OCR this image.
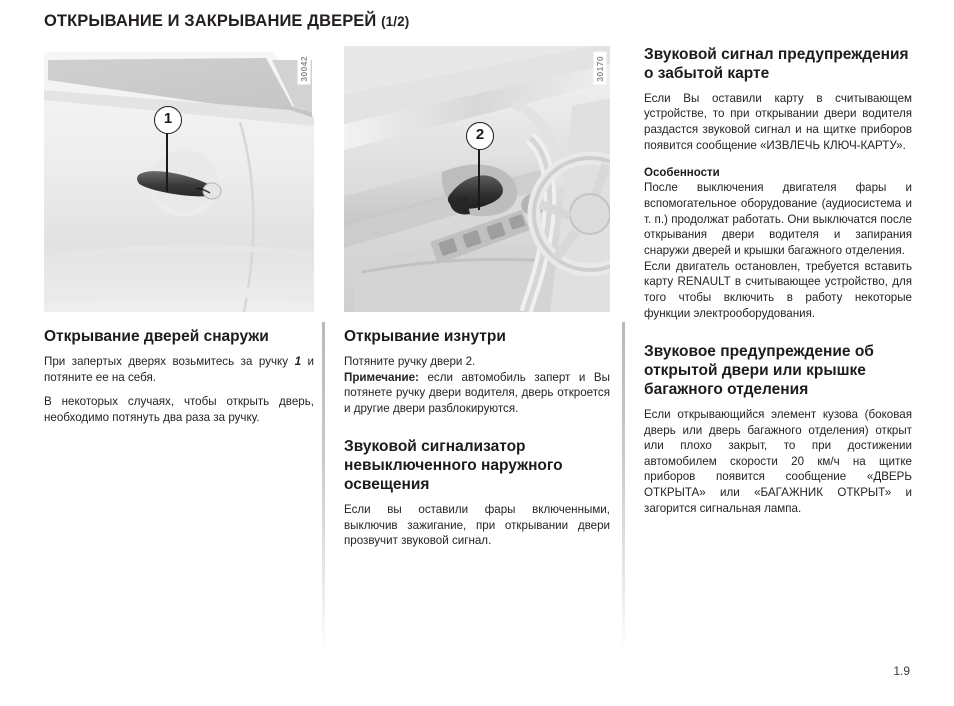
ОТКРЫВАНИЕ И ЗАКРЫВАНИЕ ДВЕРЕЙ (1/2)
1
30042
Открывание дверей снаружи

При запертых дверях возьмитесь за ручку 1 и потяните ее на себя.

В некоторых случаях, чтобы открыть дверь, необходимо потянуть два раза за ручку.

2
30170
Открывание изнутри

Потяните ручку двери 2.

Примечание: если автомобиль заперт и Вы потянете ручку двери водителя, дверь откроется и другие двери разблокируются.

Звуковой сигнализатор невыключенного наружного освещения

Если вы оставили фары включенными, выключив зажигание, при открывании двери прозвучит звуковой сигнал.

Звуковой сигнал предупреждения о забытой карте

Если Вы оставили карту в считывающем устройстве, то при открывании двери водителя раздастся звуковой сигнал и на щитке приборов появится сообщение «ИЗВЛЕЧЬ КЛЮЧ-КАРТУ».

Особенности

После выключения двигателя фары и вспомогательное оборудование (аудиосистема и т. п.) продолжат работать. Они выключатся после открывания двери водителя и запирания снаружи дверей и крышки багажного отделения.

Если двигатель остановлен, требуется вставить карту RENAULT в считывающее устройство, для того чтобы включить в работу некоторые функции электрооборудования.

Звуковое предупреждение об открытой двери или крышке багажного отделения

Если открывающийся элемент кузова (боковая дверь или дверь багажного отделения) открыт или плохо закрыт, то при достижении автомобилем скорости 20 км/ч на щитке приборов появится сообщение «ДВЕРЬ ОТКРЫТА» или «БАГАЖНИК ОТКРЫТ» и загорится сигнальная лампа.

1.9
